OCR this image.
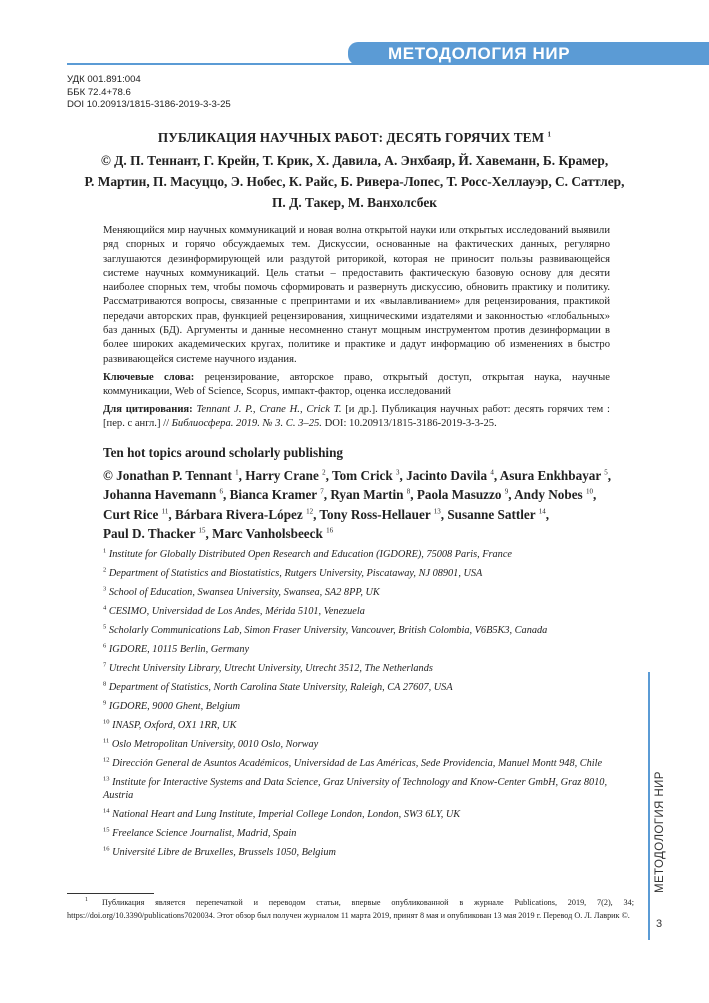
МЕТОДОЛОГИЯ НИР
УДК 001.891:004
ББК 72.4+78.6
DOI 10.20913/1815-3186-2019-3-3-25
ПУБЛИКАЦИЯ НАУЧНЫХ РАБОТ: ДЕСЯТЬ ГОРЯЧИХ ТЕМ $^1$
© Д. П. Теннант, Г. Крейн, Т. Крик, Х. Давила, А. Энхбаяр, Й. Хавеманн, Б. Крамер,
Р. Мартин, П. Масуццо, Э. Нобес, К. Райс, Б. Ривера-Лопес, Т. Росс-Хеллауэр, С. Саттлер,
П. Д. Такер, М. Ванхолсбек
Меняющийся мир научных коммуникаций и новая волна открытой науки или открытых исследований выявили ряд спорных и горячо обсуждаемых тем. Дискуссии, основанные на фактических данных, регулярно заглушаются дезинформирующей или раздутой риторикой, которая не приносит пользы развивающейся системе научных коммуникаций. Цель статьи – предоставить фактическую базовую основу для десяти наиболее спорных тем, чтобы помочь сформировать и развернуть дискуссию, обновить практику и политику. Рассматриваются вопросы, связанные с препринтами и их «вылавливанием» для рецензирования, практикой передачи авторских прав, функцией рецензирования, хищническими издателями и законностью «глобальных» баз данных (БД). Аргументы и данные несомненно станут мощным инструментом против дезинформации в более широких академических кругах, политике и практике и дадут информацию об изменениях в быстро развивающейся системе научного издания.
Ключевые слова: рецензирование, авторское право, открытый доступ, открытая наука, научные коммуникации, Web of Science, Scopus, импакт-фактор, оценка исследований
Для цитирования: Tennant J. P., Crane H., Crick T. [и др.]. Публикация научных работ: десять горячих тем : [пер. с англ.] // Библиосфера. 2019. № 3. С. 3–25. DOI: 10.20913/1815-3186-2019-3-3-25.
Ten hot topics around scholarly publishing
© Jonathan P. Tennant $^1$, Harry Crane $^2$, Tom Crick $^3$, Jacinto Davila $^4$, Asura Enkhbayar $^5$,
Johanna Havemann $^6$, Bianca Kramer $^7$, Ryan Martin $^8$, Paola Masuzzo $^9$, Andy Nobes $^{10}$,
Curt Rice $^{11}$, Bárbara Rivera-López $^{12}$, Tony Ross-Hellauer $^{13}$, Susanne Sattler $^{14}$,
Paul D. Thacker $^{15}$, Marc Vanholsbeeck $^{16}$
$^1$ Institute for Globally Distributed Open Research and Education (IGDORE), 75008 Paris, France
$^2$ Department of Statistics and Biostatistics, Rutgers University, Piscataway, NJ 08901, USA
$^3$ School of Education, Swansea University, Swansea, SA2 8PP, UK
$^4$ CESIMO, Universidad de Los Andes, Mérida 5101, Venezuela
$^5$ Scholarly Communications Lab, Simon Fraser University, Vancouver, British Colombia, V6B5K3, Canada
$^6$ IGDORE, 10115 Berlin, Germany
$^7$ Utrecht University Library, Utrecht University, Utrecht 3512, The Netherlands
$^8$ Department of Statistics, North Carolina State University, Raleigh, CA 27607, USA
$^9$ IGDORE, 9000 Ghent, Belgium
$^{10}$ INASP, Oxford, OX1 1RR, UK
$^{11}$ Oslo Metropolitan University, 0010 Oslo, Norway
$^{12}$ Dirección General de Asuntos Académicos, Universidad de Las Américas, Sede Providencia, Manuel Montt 948, Chile
$^{13}$ Institute for Interactive Systems and Data Science, Graz University of Technology and Know-Center GmbH, Graz 8010, Austria
$^{14}$ National Heart and Lung Institute, Imperial College London, London, SW3 6LY, UK
$^{15}$ Freelance Science Journalist, Madrid, Spain
$^{16}$ Université Libre de Bruxelles, Brussels 1050, Belgium
$^1$ Публикация является перепечаткой и переводом статьи, впервые опубликованной в журнале Publications, 2019, 7(2), 34; https://doi.org/10.3390/publications7020034. Этот обзор был получен журналом 11 марта 2019, принят 8 мая и опубликован 13 мая 2019 г. Перевод О. Л. Лаврик ©.
МЕТОДОЛОГИЯ НИР
3
